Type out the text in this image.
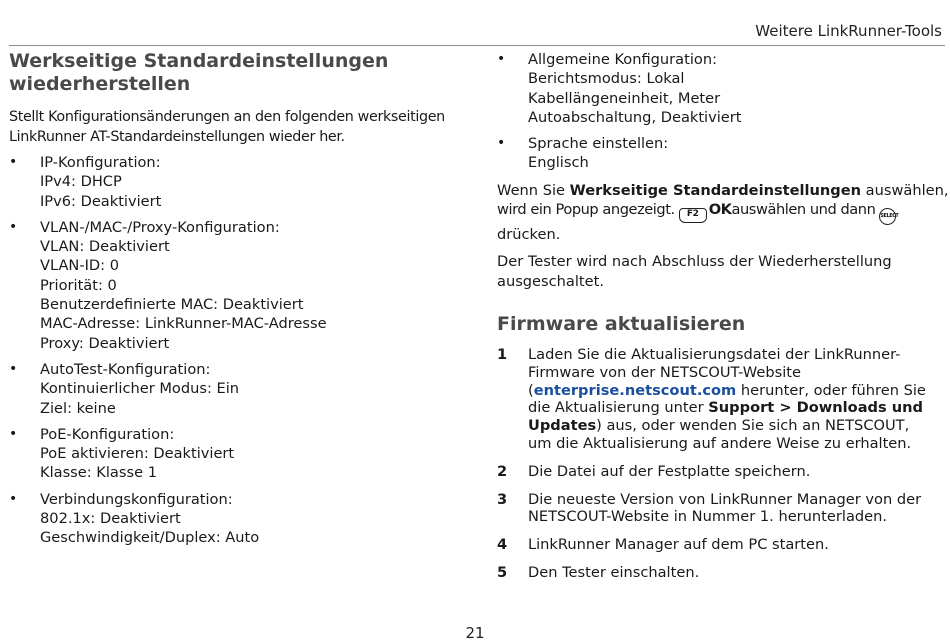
Weitere LinkRunner-Tools
Werkseitige Standardeinstellungen
wiederherstellen

Stellt Konfigurationsänderungen an den folgenden werkseitigen
LinkRunner AT-Standardeinstellungen wieder her.

• IP-Konfiguration:
IPv4: DHCP
IPv6: Deaktiviert
• VLAN-/MAC-/Proxy-Konfiguration:
VLAN: Deaktiviert
VLAN-ID: 0
Priorität: 0
Benutzerdefinierte MAC: Deaktiviert
MAC-Adresse: LinkRunner-MAC-Adresse
Proxy: Deaktiviert
• AutoTest-Konfiguration:
Kontinuierlicher Modus: Ein
Ziel: keine
• PoE-Konfiguration:
PoE aktivieren: Deaktiviert
Klasse: Klasse 1
• Verbindungskonfiguration:
802.1x: Deaktiviert
Geschwindigkeit/Duplex: Auto
• Allgemeine Konfiguration:
Berichtsmodus: Lokal
Kabellängeneinheit, Meter
Autoabschaltung, Deaktiviert
• Sprache einstellen:
Englisch

Wenn Sie Werkseitige Standardeinstellungen auswählen,
wird ein Popup angezeigt. F2 OKauswählen und dann SELECT
drücken.

Der Tester wird nach Abschluss der Wiederherstellung
ausgeschaltet.

Firmware aktualisieren
1 Laden Sie die Aktualisierungsdatei der LinkRunner-
Firmware von der NETSCOUT-Website
(enterprise.netscout.com herunter, oder führen Sie
die Aktualisierung unter Support > Downloads und
Updates) aus, oder wenden Sie sich an NETSCOUT,
um die Aktualisierung auf andere Weise zu erhalten.
2 Die Datei auf der Festplatte speichern.
3 Die neueste Version von LinkRunner Manager von der
NETSCOUT-Website in Nummer 1. herunterladen.
4 LinkRunner Manager auf dem PC starten.
5 Den Tester einschalten.
21
